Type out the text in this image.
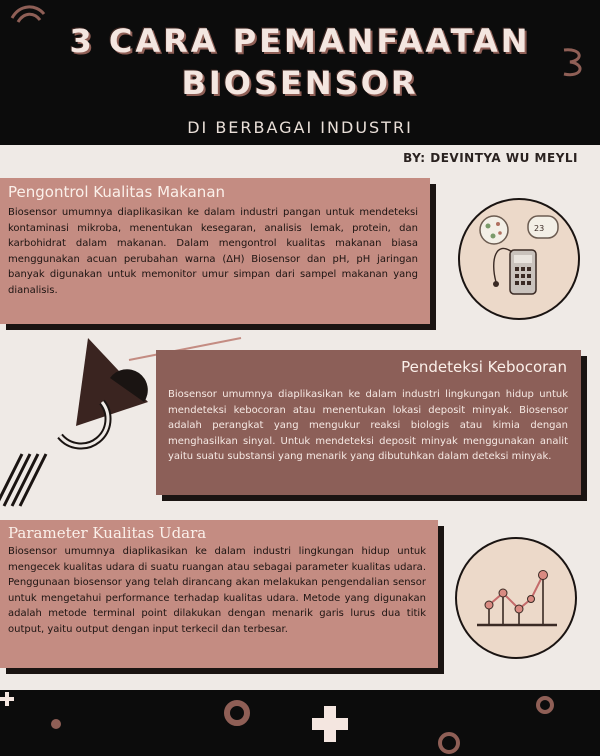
3 CARA PEMANFAATAN
BIOSENSOR
DI BERBAGAI INDUSTRI
BY: DEVINTYA WU MEYLI
Pengontrol Kualitas Makanan
Biosensor umumnya diaplikasikan ke dalam industri pangan untuk mendeteksi kontaminasi mikroba, menentukan kesegaran, analisis lemak, protein, dan karbohidrat dalam makanan. Dalam mengontrol kualitas makanan biasa menggunakan acuan perubahan warna (ΔH) Biosensor dan pH, pH jaringan banyak digunakan untuk memonitor umur simpan dari sampel makanan yang dianalisis.
23
Pendeteksi Kebocoran
Biosensor umumnya diaplikasikan ke dalam industri lingkungan hidup untuk mendeteksi kebocoran atau menentukan lokasi deposit minyak. Biosensor adalah perangkat yang mengukur reaksi biologis atau kimia dengan menghasilkan sinyal. Untuk mendeteksi deposit minyak menggunakan analit yaitu suatu substansi yang menarik yang dibutuhkan dalam deteksi minyak.
Parameter Kualitas Udara
Biosensor umumnya diaplikasikan ke dalam industri lingkungan hidup untuk mengecek kualitas udara di suatu ruangan atau sebagai parameter kualitas udara. Penggunaan biosensor yang telah dirancang akan melakukan pengendalian sensor untuk mengetahui performance terhadap kualitas udara. Metode yang digunakan adalah metode terminal point dilakukan dengan menarik garis lurus dua titik output, yaitu output dengan input terkecil dan terbesar.
